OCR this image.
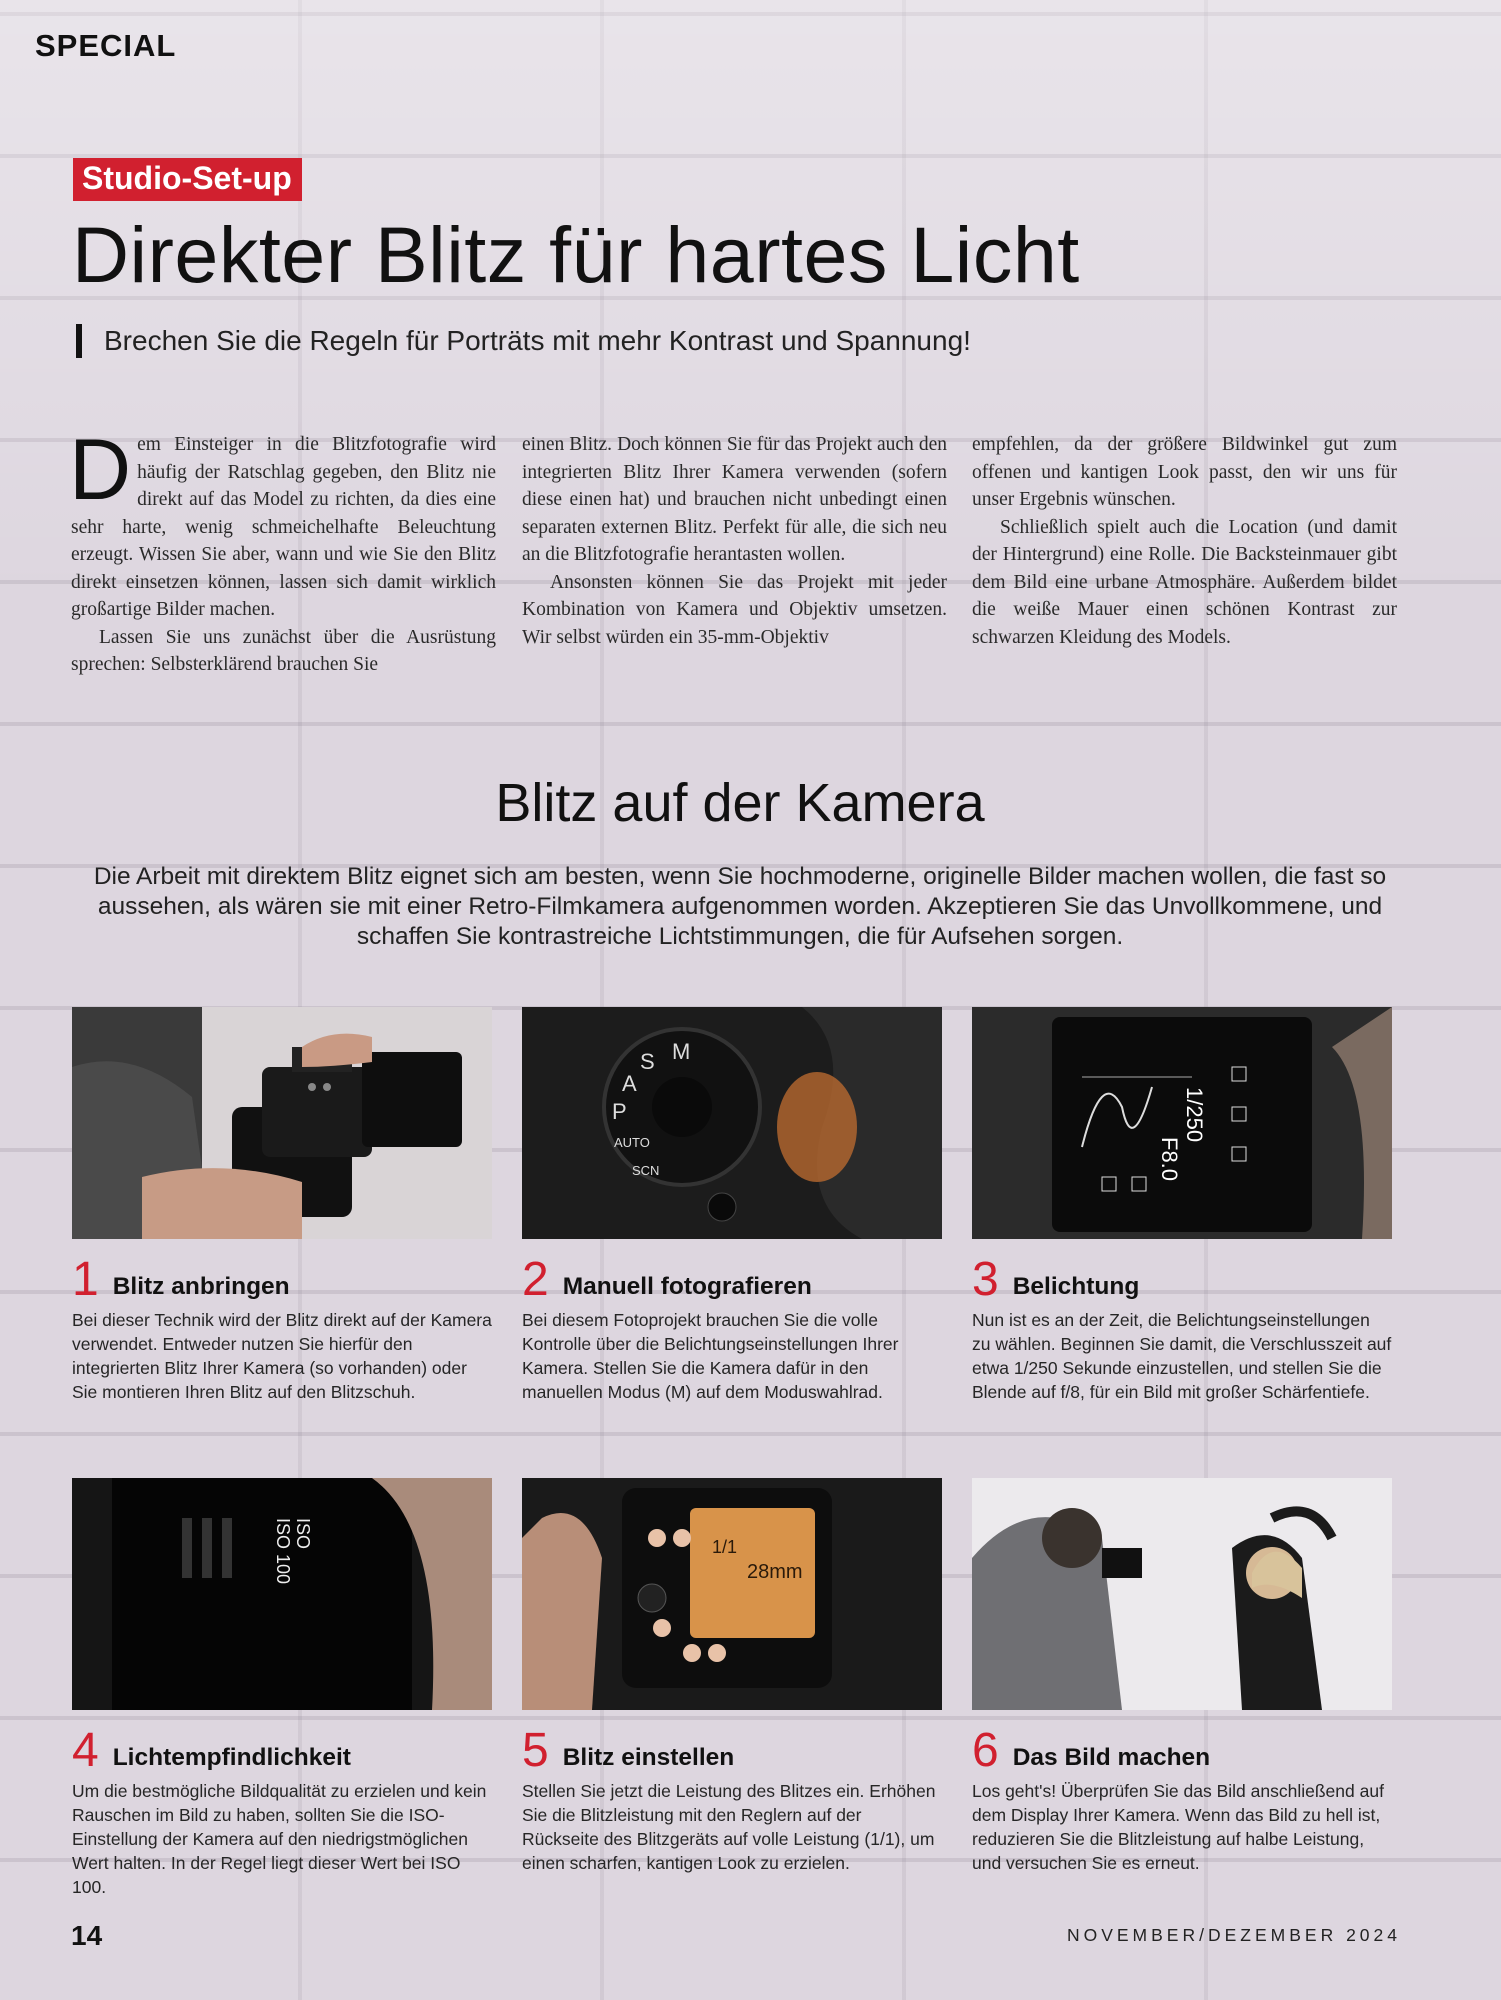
SPECIAL
Studio-Set-up
Direkter Blitz für hartes Licht
Brechen Sie die Regeln für Porträts mit mehr Kontrast und Spannung!

Dem Einsteiger in die Blitzfotografie wird häufig der Ratschlag gegeben, den Blitz nie direkt auf das Model zu richten, da dies eine sehr harte, wenig schmeichelhafte Beleuchtung erzeugt. Wissen Sie aber, wann und wie Sie den Blitz direkt einsetzen können, lassen sich damit wirklich großartige Bilder machen.

Lassen Sie uns zunächst über die Ausrüstung sprechen: Selbsterklärend brauchen Sie

einen Blitz. Doch können Sie für das Projekt auch den integrierten Blitz Ihrer Kamera verwenden (sofern diese einen hat) und brauchen nicht unbedingt einen separaten externen Blitz. Perfekt für alle, die sich neu an die Blitzfotografie herantasten wollen.

Ansonsten können Sie das Projekt mit jeder Kombination von Kamera und Objektiv umsetzen. Wir selbst würden ein 35-mm-Objektiv

empfehlen, da der größere Bildwinkel gut zum offenen und kantigen Look passt, den wir uns für unser Ergebnis wünschen.

Schließlich spielt auch die Location (und damit der Hintergrund) eine Rolle. Die Backsteinmauer gibt dem Bild eine urbane Atmosphäre. Außerdem bildet die weiße Mauer einen schönen Kontrast zur schwarzen Kleidung des Models.

Blitz auf der Kamera
Die Arbeit mit direktem Blitz eignet sich am besten, wenn Sie hochmoderne, originelle Bilder machen wollen, die fast so aussehen, als wären sie mit einer Retro-Filmkamera aufgenommen worden. Akzeptieren Sie das Unvollkommene, und schaffen Sie kontrastreiche Lichtstimmungen, die für Aufsehen sorgen.
S M
A
P
AUTO
SCN
1/250
F8.0
ISO
ISO 100	1/1
28mm
1 Blitz anbringen
Bei dieser Technik wird der Blitz direkt auf der Kamera verwendet. Entweder nutzen Sie hierfür den integrierten Blitz Ihrer Kamera (so vorhanden) oder Sie montieren Ihren Blitz auf den Blitzschuh.
2 Manuell fotografieren
Bei diesem Fotoprojekt brauchen Sie die volle Kontrolle über die Belichtungseinstellungen Ihrer Kamera. Stellen Sie die Kamera dafür in den manuellen Modus (M) auf dem Moduswahlrad.
3 Belichtung
Nun ist es an der Zeit, die Belichtungseinstellungen zu wählen. Beginnen Sie damit, die Verschlusszeit auf etwa 1/250 Sekunde einzustellen, und stellen Sie die Blende auf f/8, für ein Bild mit großer Schärfentiefe.
4 Lichtempfindlichkeit
Um die bestmögliche Bildqualität zu erzielen und kein Rauschen im Bild zu haben, sollten Sie die ISO-Einstellung der Kamera auf den niedrigstmöglichen Wert halten. In der Regel liegt dieser Wert bei ISO 100.
5 Blitz einstellen
Stellen Sie jetzt die Leistung des Blitzes ein. Erhöhen Sie die Blitzleistung mit den Reglern auf der Rückseite des Blitzgeräts auf volle Leistung (1/1), um einen scharfen, kantigen Look zu erzielen.
6 Das Bild machen
Los geht's! Überprüfen Sie das Bild anschließend auf dem Display Ihrer Kamera. Wenn das Bild zu hell ist, reduzieren Sie die Blitzleistung auf halbe Leistung, und versuchen Sie es erneut.
14	NOVEMBER/DEZEMBER 2024
